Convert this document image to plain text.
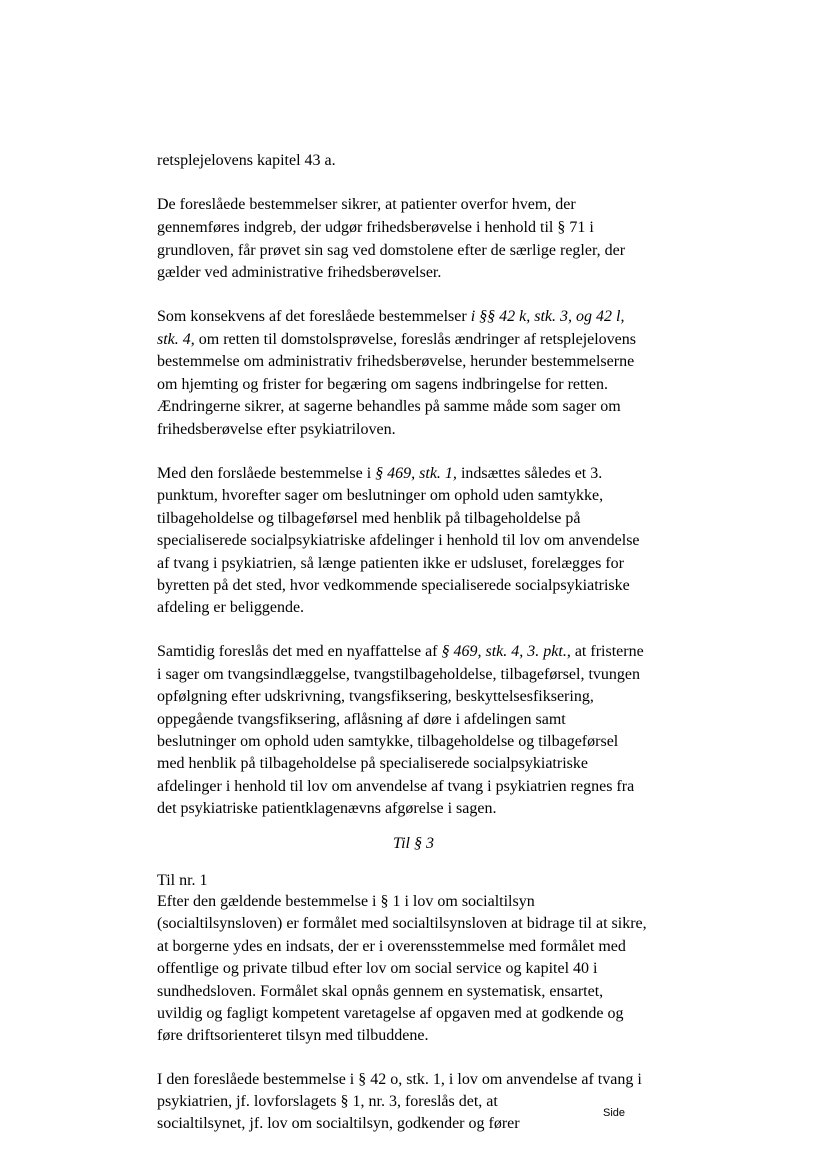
retsplejelovens kapitel 43 a.
De foreslåede bestemmelser sikrer, at patienter overfor hvem, der
gennemføres indgreb, der udgør frihedsberøvelse i henhold til § 71 i
grundloven, får prøvet sin sag ved domstolene efter de særlige regler, der
gælder ved administrative frihedsberøvelser.
Som konsekvens af det foreslåede bestemmelser i §§ 42 k, stk. 3, og 42 l,
stk. 4, om retten til domstolsprøvelse, foreslås ændringer af retsplejelovens
bestemmelse om administrativ frihedsberøvelse, herunder bestemmelserne
om hjemting og frister for begæring om sagens indbringelse for retten.
Ændringerne sikrer, at sagerne behandles på samme måde som sager om
frihedsberøvelse efter psykiatriloven.
Med den forslåede bestemmelse i § 469, stk. 1, indsættes således et 3.
punktum, hvorefter sager om beslutninger om ophold uden samtykke,
tilbageholdelse og tilbageførsel med henblik på tilbageholdelse på
specialiserede socialpsykiatriske afdelinger i henhold til lov om anvendelse
af tvang i psykiatrien, så længe patienten ikke er udsluset, forelægges for
byretten på det sted, hvor vedkommende specialiserede socialpsykiatriske
afdeling er beliggende.
Samtidig foreslås det med en nyaffattelse af § 469, stk. 4, 3. pkt., at fristerne
i sager om tvangsindlæggelse, tvangstilbageholdelse, tilbageførsel, tvungen
opfølgning efter udskrivning, tvangsfiksering, beskyttelsesfiksering,
oppegående tvangsfiksering, aflåsning af døre i afdelingen samt
beslutninger om ophold uden samtykke, tilbageholdelse og tilbageførsel
med henblik på tilbageholdelse på specialiserede socialpsykiatriske
afdelinger i henhold til lov om anvendelse af tvang i psykiatrien regnes fra
det psykiatriske patientklagenævns afgørelse i sagen.
Til § 3
Til nr. 1
Efter den gældende bestemmelse i § 1 i lov om socialtilsyn
(socialtilsynsloven) er formålet med socialtilsynsloven at bidrage til at sikre,
at borgerne ydes en indsats, der er i overensstemmelse med formålet med
offentlige og private tilbud efter lov om social service og kapitel 40 i
sundhedsloven. Formålet skal opnås gennem en systematisk, ensartet,
uvildig og fagligt kompetent varetagelse af opgaven med at godkende og
føre driftsorienteret tilsyn med tilbuddene.
I den foreslåede bestemmelse i § 42 o, stk. 1, i lov om anvendelse af tvang i
psykiatrien, jf. lovforslagets § 1, nr. 3, foreslås det, at
socialtilsynet, jf. lov om socialtilsyn, godkender og fører
Side
